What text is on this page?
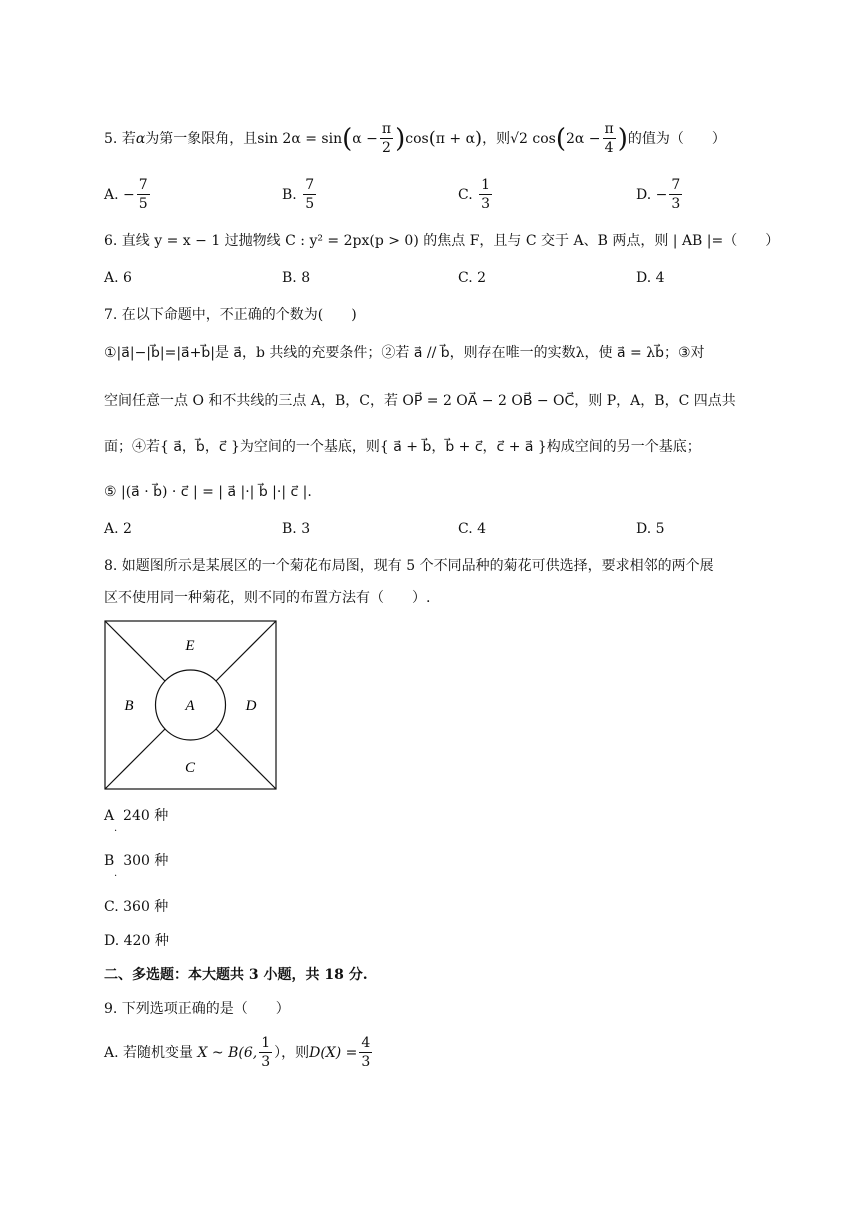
5.
若 α 为第一象限角，且 sin 2α = sin ( $\alpha - \frac{\pi}{2}$ ) cos ( π + α ) ，则 √2 cos ( $2\alpha - \frac{\pi}{4}$ ) 的值为（　　）
A.
− $\frac{7}{5}$	B.
$\frac{7}{5}$	C.
$\frac{1}{3}$	D.
− $\frac{7}{3}$
6. 直线 y = x − 1 过抛物线 C : y² = 2px(p > 0) 的焦点 F，且与 C 交于 A、B 两点，则 | AB |=（　　）
A. 6	B. 8	C. 2	D. 4
7. 在以下命题中，不正确的个数为(　　)
①|a⃗|−|b⃗|=|a⃗+b⃗|是 a⃗，b 共线的充要条件；②若 a⃗ // b⃗，则存在唯一的实数λ，使 a⃗ = λb⃗；③对
空间任意一点 O 和不共线的三点 A，B，C，若 OP⃗ = 2 OA⃗ − 2 OB⃗ − OC⃗，则 P，A，B，C 四点共
面；④若{ a⃗，b⃗，c⃗ }为空间的一个基底，则{ a⃗ + b⃗，b⃗ + c⃗，c⃗ + a⃗ }构成空间的另一个基底；
⑤ |(a⃗ · b⃗) · c⃗ | = | a⃗ |·| b⃗ |·| c⃗ |.
A. 2	B. 3	C. 4	D. 5
8. 如题图所示是某展区的一个菊花布局图，现有 5 个不同品种的菊花可供选择，要求相邻的两个展
区不使用同一种菊花，则不同的布置方法有（　　）.
E
B	A	D
C
A
.
240 种
B
.
300 种
C. 360 种
D. 420 种
二、多选题：本大题共 3 小题，共 18 分.
9. 下列选项正确的是（　　）
A. 若随机变量
X ~ B(6, $\frac{1}{3}$ ），则 $D(X) = \frac{4}{3}$
